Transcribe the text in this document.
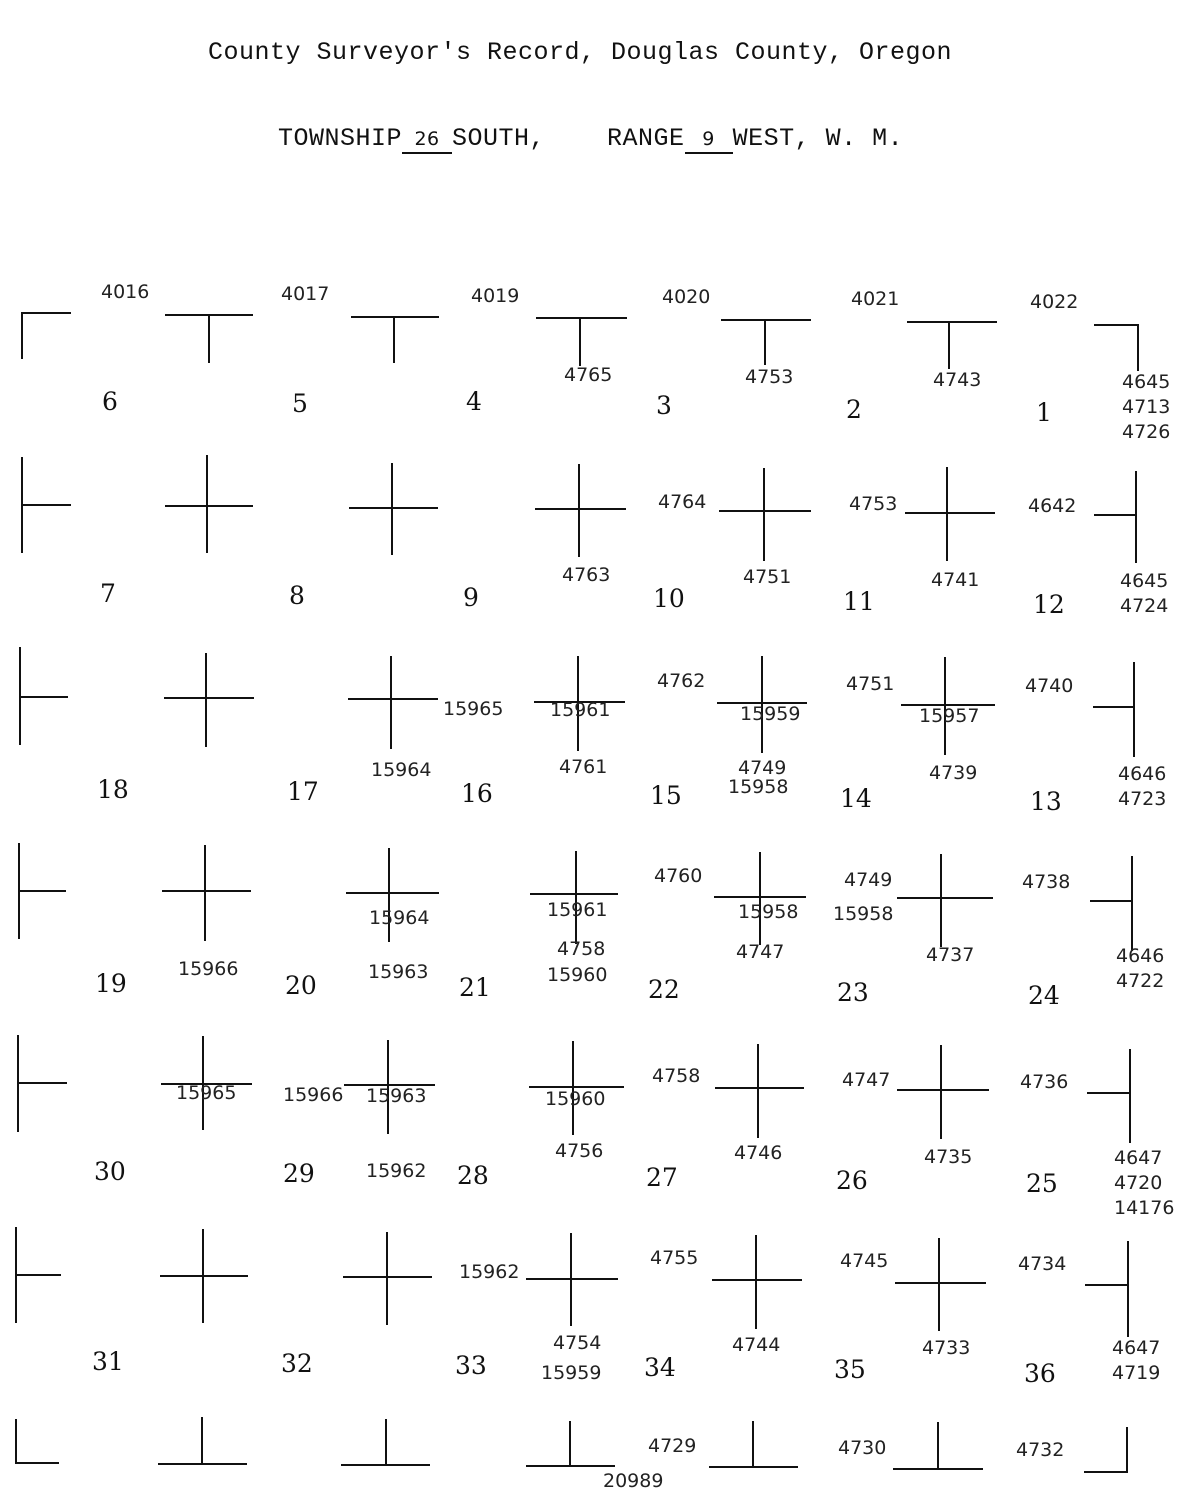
County Surveyor's Record, Douglas County, Oregon
TOWNSHIP 26 SOUTH, RANGE 9 WEST, W. M.
6	5	4	3	2	1
7	8	9	10	11	12
18	17	16	15	14	13
19	20	21	22	23	24
30	29	28	27	26	25
31	32	33	34	35	36
4016	4017	4019	4020	4021	4022
4765	4753	4743	4645
4713
4726
4764	4753	4642
4763	4751	4741	4645
4724
15965 15961
4762
15959
4751
15957
4740
15964	4761	4749
15958
4739	4646
4723
4760	4749	4738
15961	15958 15958
15964
4758	4747	4737	4646
4722
15966	15963	15960
15965 15966 15963	15960
4758	4747	4736
4756	4746	4735
15962
4647
4720
14176
15962
4755	4745	4734
4754	4744	4733	4647
15959	4719
4729	4730	4732
20989
